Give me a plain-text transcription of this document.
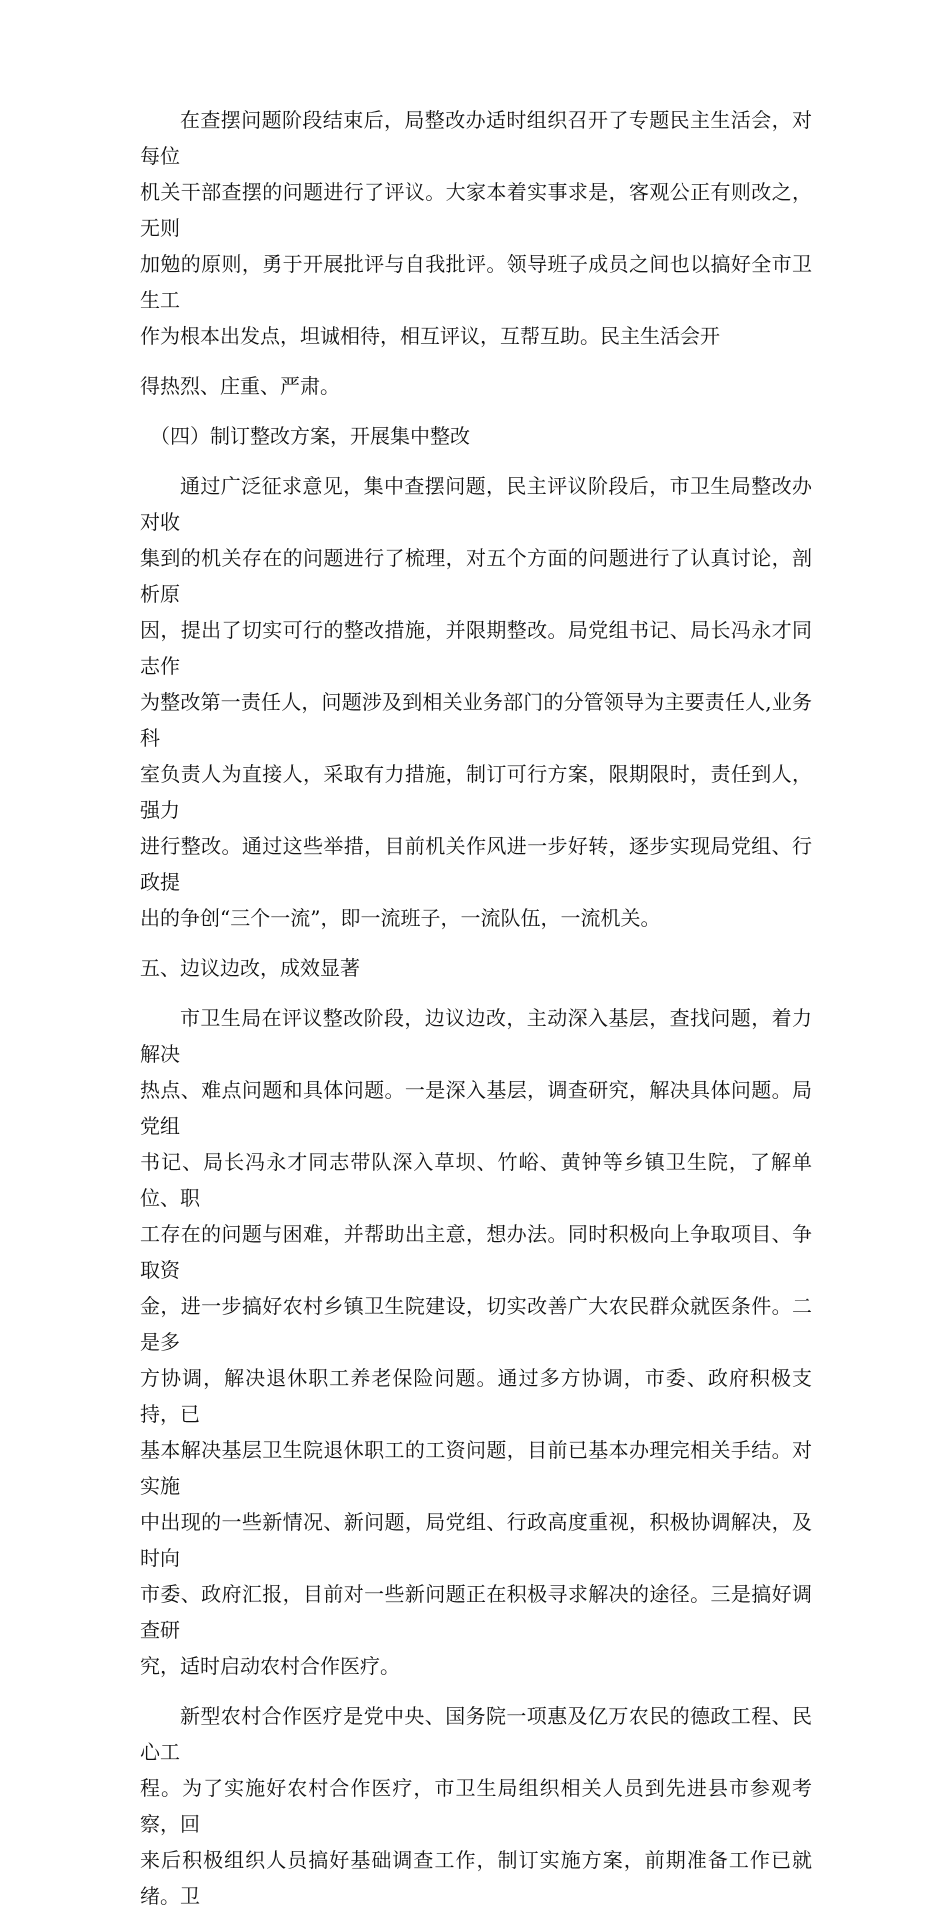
在查摆问题阶段结束后，局整改办适时组织召开了专题民主生活会，对每位
机关干部查摆的问题进行了评议。大家本着实事求是，客观公正有则改之，无则
加勉的原则，勇于开展批评与自我批评。领导班子成员之间也以搞好全市卫生工
作为根本出发点，坦诚相待，相互评议，互帮互助。民主生活会开

得热烈、庄重、严肃。

（四）制订整改方案，开展集中整改

通过广泛征求意见，集中查摆问题，民主评议阶段后，市卫生局整改办对收
集到的机关存在的问题进行了梳理，对五个方面的问题进行了认真讨论，剖析原
因，提出了切实可行的整改措施，并限期整改。局党组书记、局长冯永才同志作
为整改第一责任人，问题涉及到相关业务部门的分管领导为主要责任人,业务科
室负责人为直接人，采取有力措施，制订可行方案，限期限时，责任到人，强力
进行整改。通过这些举措，目前机关作风进一步好转，逐步实现局党组、行政提
出的争创“三个一流”，即一流班子，一流队伍，一流机关。

五、边议边改，成效显著

市卫生局在评议整改阶段，边议边改，主动深入基层，查找问题，着力解决
热点、难点问题和具体问题。一是深入基层，调查研究，解决具体问题。局党组
书记、局长冯永才同志带队深入草坝、竹峪、黄钟等乡镇卫生院，了解单位、职
工存在的问题与困难，并帮助出主意，想办法。同时积极向上争取项目、争取资
金，进一步搞好农村乡镇卫生院建设，切实改善广大农民群众就医条件。二是多
方协调，解决退休职工养老保险问题。通过多方协调，市委、政府积极支持，已
基本解决基层卫生院退休职工的工资问题，目前已基本办理完相关手结。对实施
中出现的一些新情况、新问题，局党组、行政高度重视，积极协调解决，及时向
市委、政府汇报，目前对一些新问题正在积极寻求解决的途径。三是搞好调查研
究，适时启动农村合作医疗。

新型农村合作医疗是党中央、国务院一项惠及亿万农民的德政工程、民心工
程。为了实施好农村合作医疗，市卫生局组织相关人员到先进县市参观考察，回
来后积极组织人员搞好基础调查工作，制订实施方案，前期准备工作已就绪。卫
